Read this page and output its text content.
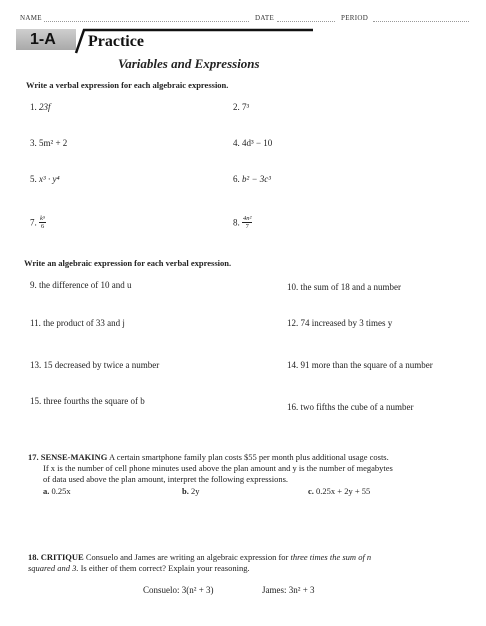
NAME	DATE	PERIOD
1-A Practice
Variables and Expressions
Write a verbal expression for each algebraic expression.
1. 23f	2. 7³
3. 5m² + 2	4. 4d³ − 10
5. x³ · y⁴	6. b² − 3c³
7. $\frac{\text{k⁵}}{6}$	8. $\frac{\text{4n²}}{7}$
Write an algebraic expression for each verbal expression.
9. the difference of 10 and u	10. the sum of 18 and a number
11. the product of 33 and j	12. 74 increased by 3 times y
13. 15 decreased by twice a number	14. 91 more than the square of a number
15. three fourths the square of b
16. two fifths the cube of a number
17. SENSE-MAKING A certain smartphone family plan costs $55 per month plus additional usage costs.
If x is the number of cell phone minutes used above the plan amount and y is the number of megabytes
of data used above the plan amount, interpret the following expressions.
a. 0.25x	b. 2y	c. 0.25x + 2y + 55
18. CRITIQUE Consuelo and James are writing an algebraic expression for three times the sum of n
squared and 3. Is either of them correct? Explain your reasoning.
Consuelo: 3(n² + 3)	James: 3n² + 3
